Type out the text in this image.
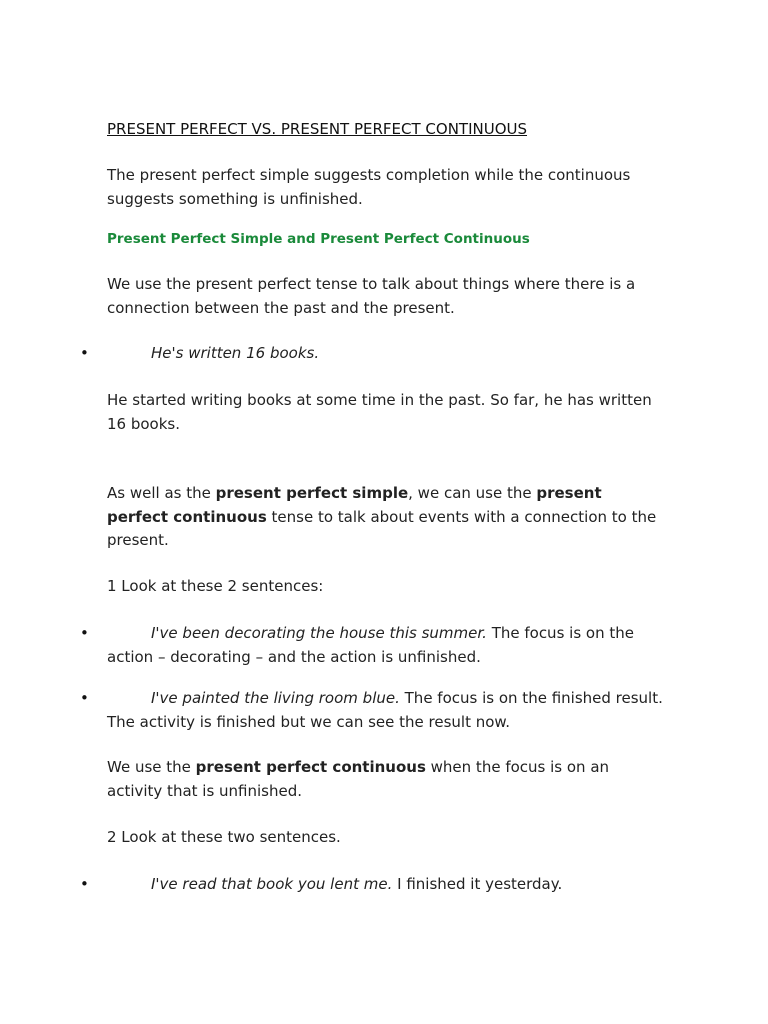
PRESENT PERFECT VS. PRESENT PERFECT CONTINUOUS

The present perfect simple suggests completion while the continuous suggests something is unfinished.

Present Perfect Simple and Present Perfect Continuous

We use the present perfect tense to talk about things where there is a connection between the past and the present.

•	He's written 16 books.

He started writing books at some time in the past. So far, he has written 16 books.

As well as the present perfect simple, we can use the present perfect continuous tense to talk about events with a connection to the present.

1 Look at these 2 sentences:

•	I've been decorating the house this summer. The focus is on the action – decorating – and the action is unfinished.

•	I've painted the living room blue. The focus is on the finished result. The activity is finished but we can see the result now.

We use the present perfect continuous when the focus is on an activity that is unfinished.

2 Look at these two sentences.

•	I've read that book you lent me. I finished it yesterday.
